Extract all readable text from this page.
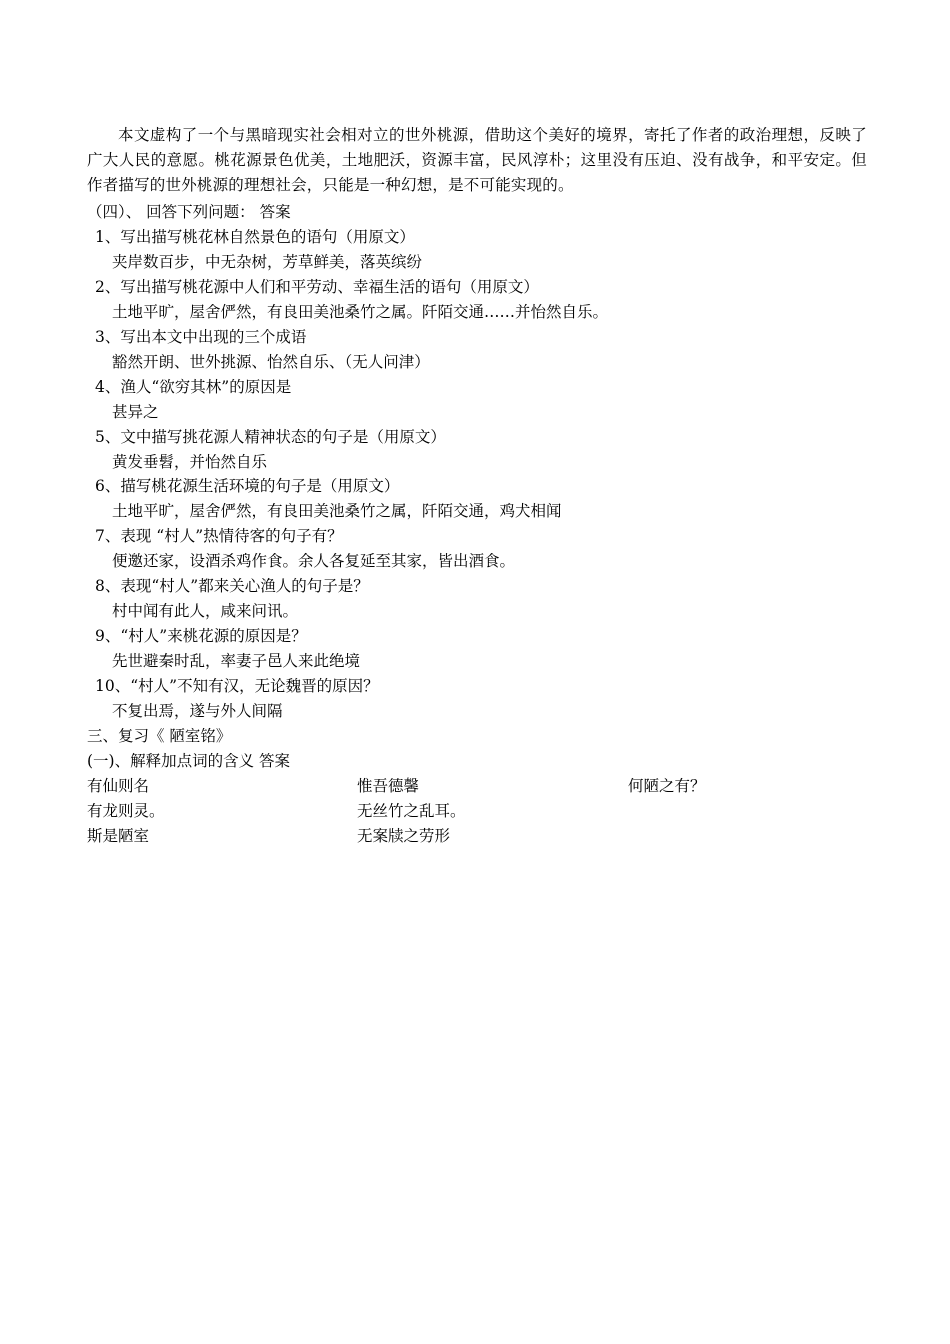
本文虚构了一个与黑暗现实社会相对立的世外桃源，借助这个美好的境界，寄托了作者的政治理想，反映了广大人民的意愿。桃花源景色优美，土地肥沃，资源丰富，民风淳朴；这里没有压迫、没有战争，和平安定。但作者描写的世外桃源的理想社会，只能是一种幻想，是不可能实现的。

（四）、 回答下列问题： 答案
1、写出描写桃花林自然景色的语句（用原文）
夹岸数百步，中无杂树，芳草鲜美，落英缤纷
2、写出描写桃花源中人们和平劳动、幸福生活的语句（用原文）
土地平旷，屋舍俨然，有良田美池桑竹之属。阡陌交通……并怡然自乐。
3、写出本文中出现的三个成语
豁然开朗、世外挑源、怡然自乐、（无人问津）
4、渔人“欲穷其林”的原因是
甚异之
5、文中描写挑花源人精神状态的句子是（用原文）
黄发垂髫，并怡然自乐
6、描写桃花源生活环境的句子是（用原文）
土地平旷，屋舍俨然，有良田美池桑竹之属，阡陌交通，鸡犬相闻
7、表现 “村人”热情待客的句子有？
便邀还家，设酒杀鸡作食。余人各复延至其家，皆出酒食。
8、表现“村人”都来关心渔人的句子是？
村中闻有此人，咸来问讯。
9、“村人”来桃花源的原因是？
先世避秦时乱，率妻子邑人来此绝境
10、“村人”不知有汉，无论魏晋的原因？
不复出焉，遂与外人间隔
三、复习《 陋室铭》
(一)、解释加点词的含义 答案
有仙则名	惟吾德馨	何陋之有？
有龙则灵。	无丝竹之乱耳。
斯是陋室	无案牍之劳形
